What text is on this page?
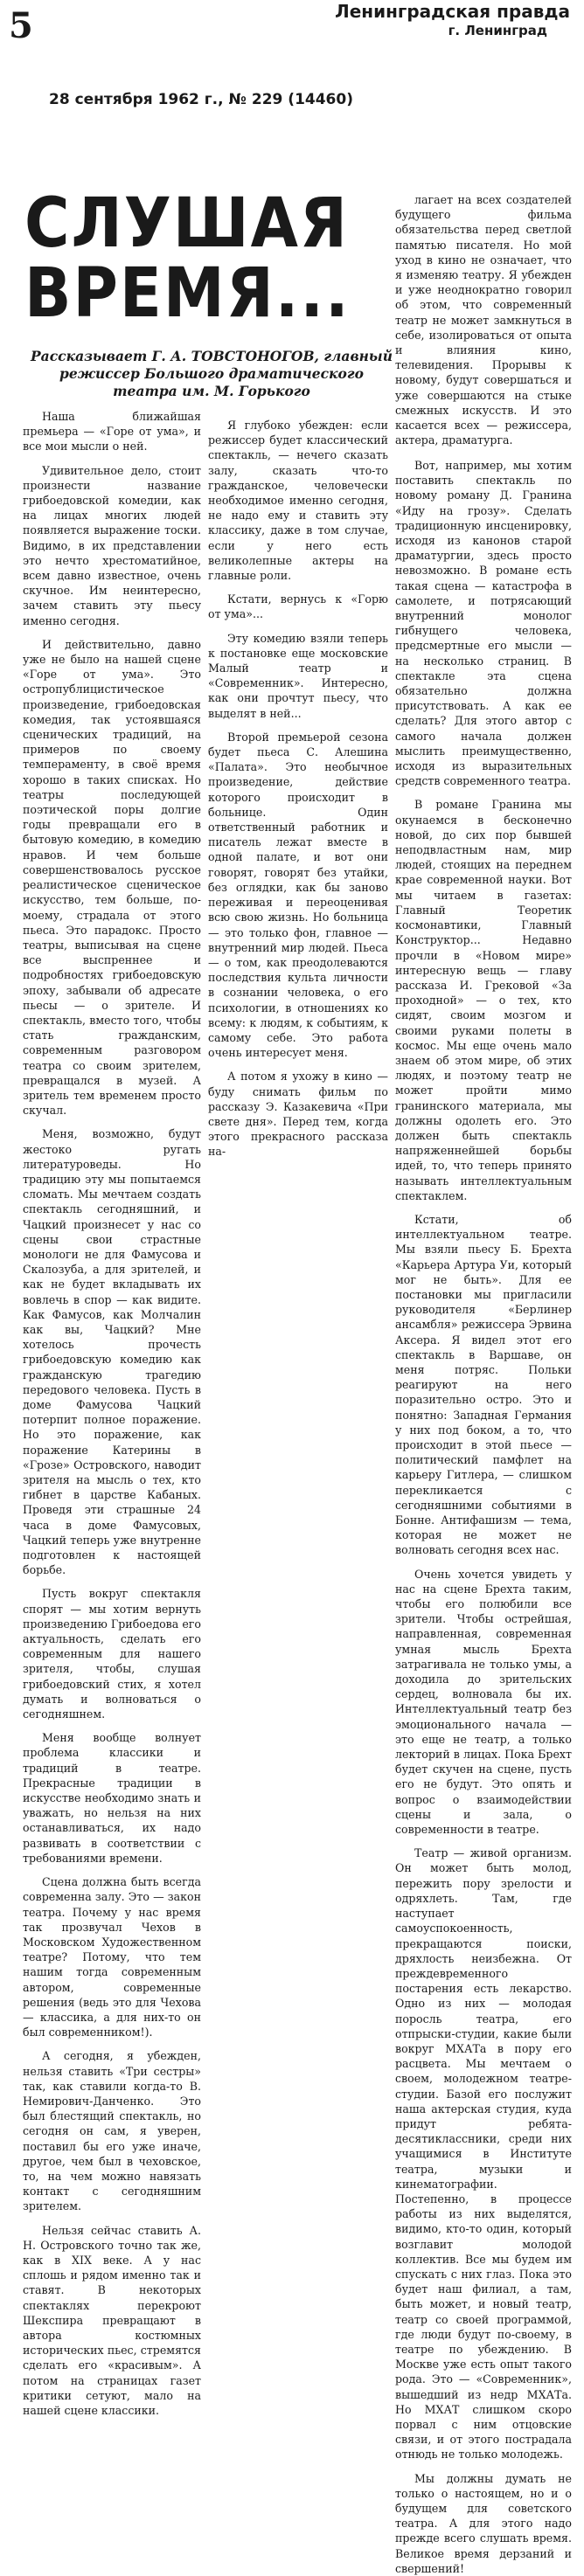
5	Ленинградская правда
г. Ленинград
28 сентября 1962 г., № 229 (14460)
СЛУШАЯ
ВРЕМЯ...
Рассказывает Г. А. ТОВСТОНОГОВ, главный режиссер Большого драматического театра им. М. Горького

лагает на всех создателей будущего фильма обязательства перед светлой памятью писателя. Но мой уход в кино не означает, что я изменяю театру. Я убежден и уже неоднократно говорил об этом, что современный театр не может замкнуться в себе, изолироваться от опыта и влияния кино, телевидения. Прорывы к новому, будут совершаться и уже совершаются на стыке смежных искусств. И это касается всех — режиссера, актера, драматурга.

Наша ближайшая премьера — «Горе от ума», и все мои мысли о ней.

Удивительное дело, стоит произнести название грибоедовской комедии, как на лицах многих людей появляется выражение тоски. Видимо, в их представлении это нечто хрестоматийное, всем давно известное, очень скучное. Им неинтересно, зачем ставить эту пьесу именно сегодня.

И действительно, давно уже не было на нашей сцене «Горе от ума». Это остропублицистическое произведение, грибоедовская комедия, так устоявшаяся сценических традиций, на примеров по своему темпераменту, в своё время хорошо в таких списках. Но театры последующей поэтической поры долгие годы превращали его в бытовую комедию, в комедию нравов. И чем больше совершенствовалось русское реалистическое сценическое искусство, тем больше, по-моему, страдала от этого пьеса. Это парадокс. Просто театры, выписывая на сцене все выспреннее и подробностях грибоедовскую эпоху, забывали об адресате пьесы — о зрителе. И спектакль, вместо того, чтобы стать гражданским, современным разговором театра со своим зрителем, превращался в музей. А зритель тем временем просто скучал.

Меня, возможно, будут жестоко ругать литературоведы. Но традицию эту мы попытаемся сломать. Мы мечтаем создать спектакль сегодняшний, и Чацкий произнесет у нас со сцены свои страстные монологи не для Фамусова и Скалозуба, а для зрителей, и как не будет вкладывать их вовлечь в спор — как видите. Как Фамусов, как Молчалин как вы, Чацкий? Мне хотелось прочесть грибоедовскую комедию как гражданскую трагедию передового человека. Пусть в доме Фамусова Чацкий потерпит полное поражение. Но это поражение, как поражение Катерины в «Грозе» Островского, наводит зрителя на мысль о тех, кто гибнет в царстве Кабаных. Проведя эти страшные 24 часа в доме Фамусовых, Чацкий теперь уже внутренне подготовлен к настоящей борьбе.

Пусть вокруг спектакля спорят — мы хотим вернуть произведению Грибоедова его актуальность, сделать его современным для нашего зрителя, чтобы, слушая грибоедовский стих, я хотел думать и волноваться о сегодняшнем.

Меня вообще волнует проблема классики и традиций в театре. Прекрасные традиции в искусстве необходимо знать и уважать, но нельзя на них останавливаться, их надо развивать в соответствии с требованиями времени.

Сцена должна быть всегда современна залу. Это — закон театра. Почему у нас время так прозвучал Чехов в Московском Художественном театре? Потому, что тем нашим тогда современным автором, современные решения (ведь это для Чехова — классика, а для них-то он был современником!).

А сегодня, я убежден, нельзя ставить «Три сестры» так, как ставили когда-то В. Немирович-Данченко. Это был блестящий спектакль, но сегодня он сам, я уверен, поставил бы его уже иначе, другое, чем был в чеховское, то, на чем можно навязать контакт с сегодняшним зрителем.

Нельзя сейчас ставить А. Н. Островского точно так же, как в XIX веке. А у нас сплошь и рядом именно так и ставят. В некоторых спектаклях перекроют Шекспира превращают в автора костюмных исторических пьес, стремятся сделать его «красивым». А потом на страницах газет критики сетуют, мало на нашей сцене классики.

Вот, например, мы хотим поставить спектакль по новому роману Д. Гранина «Иду на грозу». Сделать традиционную инсценировку, исходя из канонов старой драматургии, здесь просто невозможно. В романе есть такая сцена — катастрофа в самолете, и потрясающий внутренний монолог гибнущего человека, предсмертные его мысли — на несколько страниц. В спектакле эта сцена обязательно должна присутствовать. А как ее сделать? Для этого автор с самого начала должен мыслить преимущественно, исходя из выразительных средств современного театра.

В романе Гранина мы окунаемся в бесконечно новой, до сих пор бывшей неподвластным нам, мир людей, стоящих на переднем крае современной науки. Вот мы читаем в газетах: Главный Теоретик космонавтики, Главный Конструктор... Недавно прочли в «Новом мире» интересную вещь — главу рассказа И. Грековой «За проходной» — о тех, кто сидят, своим мозгом и своими руками полеты в космос. Мы еще очень мало знаем об этом мире, об этих людях, и поэтому театр не может пройти мимо гранинского материала, мы должны одолеть его. Это должен быть спектакль напряженнейшей борьбы идей, то, что теперь принято называть интеллектуальным спектаклем.

Кстати, об интеллектуальном театре. Мы взяли пьесу Б. Брехта «Карьера Артура Уи, который мог не быть». Для ее постановки мы пригласили руководителя «Берлинер ансамбля» режиссера Эрвина Аксера. Я видел этот его спектакль в Варшаве, он меня потряс. Польки реагируют на него поразительно остро. Это и понятно: Западная Германия у них под боком, а то, что происходит в этой пьесе — политический памфлет на карьеру Гитлера, — слишком перекликается с сегодняшними событиями в Бонне. Антифашизм — тема, которая не может не волновать сегодня всех нас.

Очень хочется увидеть у нас на сцене Брехта таким, чтобы его полюбили все зрители. Чтобы острейшая, направленная, современная умная мысль Брехта затрагивала не только умы, а доходила до зрительских сердец, волновала бы их. Интеллектуальный театр без эмоционального начала — это еще не театр, а только лекторий в лицах. Пока Брехт будет скучен на сцене, пусть его не будут. Это опять и вопрос о взаимодействии сцены и зала, о современности в театре.

Театр — живой организм. Он может быть молод, пережить пору зрелости и одряхлеть. Там, где наступает самоуспокоенность, прекращаются поиски, дряхлость неизбежна. От преждевременного постарения есть лекарство. Одно из них — молодая поросль театра, его отпрыски-студии, какие были вокруг МХАТа в пору его расцвета. Мы мечтаем о своем, молодежном театре-студии. Базой его послужит наша актерская студия, куда придут ребята-десятиклассники, среди них учащимися в Институте театра, музыки и кинематографии. Постепенно, в процессе работы из них выделятся, видимо, кто-то один, который возглавит молодой коллектив. Все мы будем им спускать с них глаз. Пока это будет наш филиал, а там, быть может, и новый театр, театр со своей программой, где люди будут по-своему, в театре по убеждению. В Москве уже есть опыт такого рода. Это — «Современник», вышедший из недр МХАТа. Но МХАТ слишком скоро порвал с ним отцовские связи, и от этого пострадала отнюдь не только молодежь.

Мы должны думать не только о настоящем, но и о будущем для советского театра. А для этого надо прежде всего слушать время. Великое время дерзаний и свершений!

Я глубоко убежден: если режиссер будет классический спектакль, — нечего сказать залу, сказать что-то гражданское, человечески необходимое именно сегодня, не надо ему и ставить эту классику, даже в том случае, если у него есть великолепные актеры на главные роли.

Кстати, вернусь к «Горю от ума»...

Эту комедию взяли теперь к постановке еще московские Малый театр и «Современник». Интересно, как они прочтут пьесу, что выделят в ней...

Второй премьерой сезона будет пьеса С. Алешина «Палата». Это необычное произведение, действие которого происходит в больнице. Один ответственный работник и писатель лежат вместе в одной палате, и вот они говорят, говорят без утайки, без оглядки, как бы заново переживая и переоценивая всю свою жизнь. Но больница — это только фон, главное — внутренний мир людей. Пьеса — о том, как преодолеваются последствия культа личности в сознании человека, о его психологии, в отношениях ко всему: к людям, к событиям, к самому себе. Это работа очень интересует меня.

А потом я ухожу в кино — буду снимать фильм по рассказу Э. Казакевича «При свете дня». Перед тем, когда этого прекрасного рассказа на-
